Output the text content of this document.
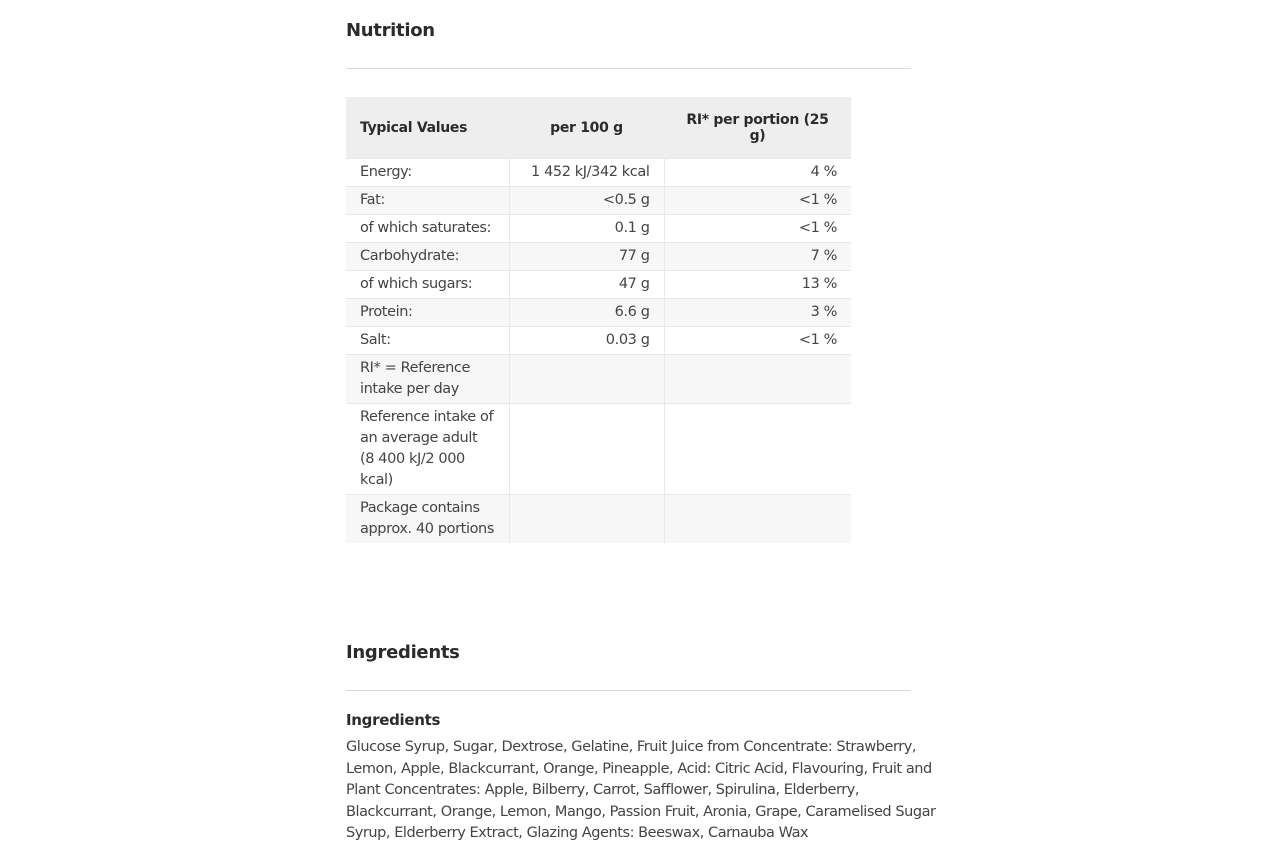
Nutrition
Typical Values	per 100 g	RI* per portion (25 g)
Energy:	1 452 kJ/342 kcal	4 %
Fat:	<0.5 g	<1 %
of which saturates:	0.1 g	<1 %
Carbohydrate:	77 g	7 %
of which sugars:	47 g	13 %
Protein:	6.6 g	3 %
Salt:	0.03 g	<1 %
RI* = Reference intake per day		
Reference intake of an average adult (8 400 kJ/2 000 kcal)		
Package contains approx. 40 portions		
Ingredients
Ingredients

Glucose Syrup, Sugar, Dextrose, Gelatine, Fruit Juice from Concentrate: Strawberry, Lemon, Apple, Blackcurrant, Orange, Pineapple, Acid: Citric Acid, Flavouring, Fruit and Plant Concentrates: Apple, Bilberry, Carrot, Safflower, Spirulina, Elderberry, Blackcurrant, Orange, Lemon, Mango, Passion Fruit, Aronia, Grape, Caramelised Sugar Syrup, Elderberry Extract, Glazing Agents: Beeswax, Carnauba Wax
